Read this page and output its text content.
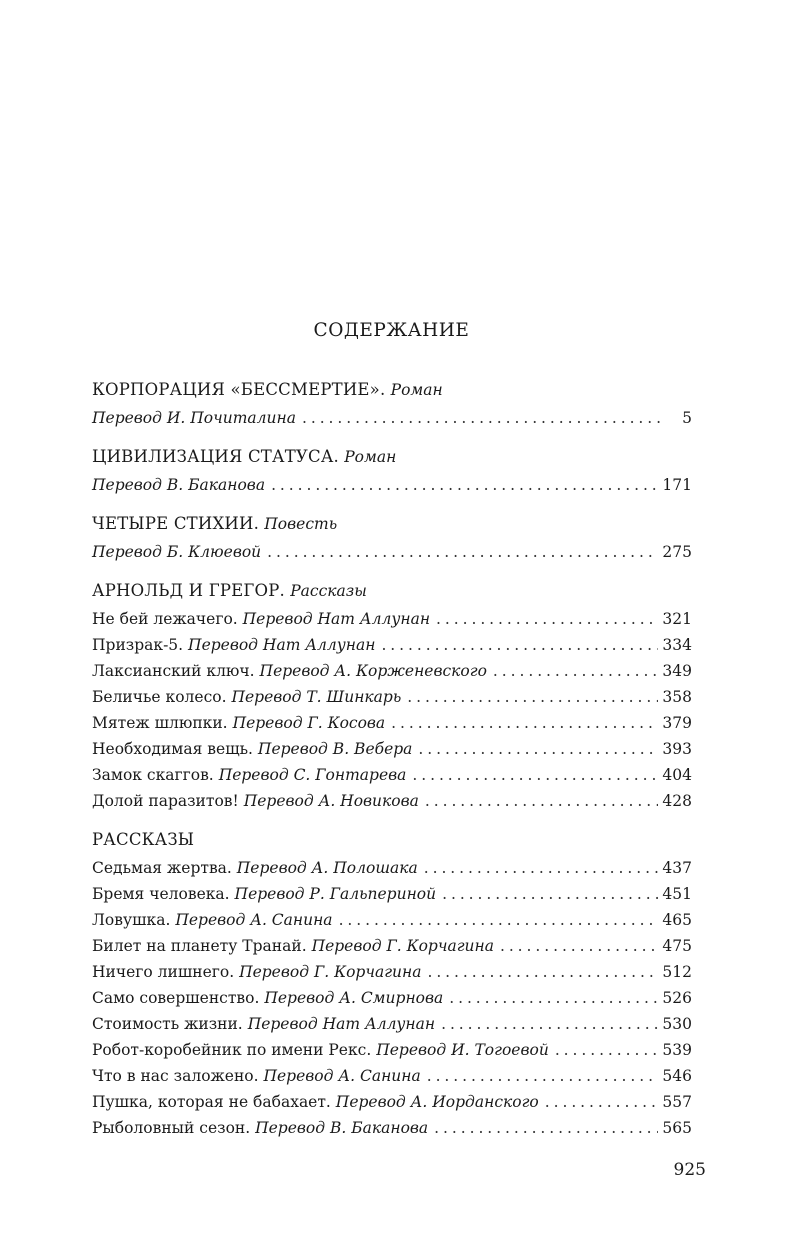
СОДЕРЖАНИЕ
КОРПОРАЦИЯ «БЕССМЕРТИЕ». Роман
Перевод И. Почиталина . . .	5
ЦИВИЛИЗАЦИЯ СТАТУСА. Роман
Перевод В. Баканова . . .	171
ЧЕТЫРЕ СТИХИИ. Повесть
Перевод Б. Клюевой . . .	275
АРНОЛЬД И ГРЕГОР. Рассказы
Не бей лежачего. Перевод Нат Аллунан . . .	321
Призрак-5. Перевод Нат Аллунан . . .	334
Лаксианский ключ. Перевод А. Корженевского . . .	349
Беличье колесо. Перевод Т. Шинкарь . . .	358
Мятеж шлюпки. Перевод Г. Косова . . .	379
Необходимая вещь. Перевод В. Вебера . . .	393
Замок скаггов. Перевод С. Гонтарева . . .	404
Долой паразитов! Перевод А. Новикова . . .	428
РАССКАЗЫ
Седьмая жертва. Перевод А. Полошака . . .	437
Бремя человека. Перевод Р. Гальпериной . . .	451
Ловушка. Перевод А. Санина . . .	465
Билет на планету Транай. Перевод Г. Корчагина . . .	475
Ничего лишнего. Перевод Г. Корчагина . . .	512
Само совершенство. Перевод А. Смирнова . . .	526
Стоимость жизни. Перевод Нат Аллунан . . .	530
Робот-коробейник по имени Рекс. Перевод И. Тогоевой . . .	539
Что в нас заложено. Перевод А. Санина . . .	546
Пушка, которая не бабахает. Перевод А. Иорданского . . .	557
Рыболовный сезон. Перевод В. Баканова . . .	565
925
